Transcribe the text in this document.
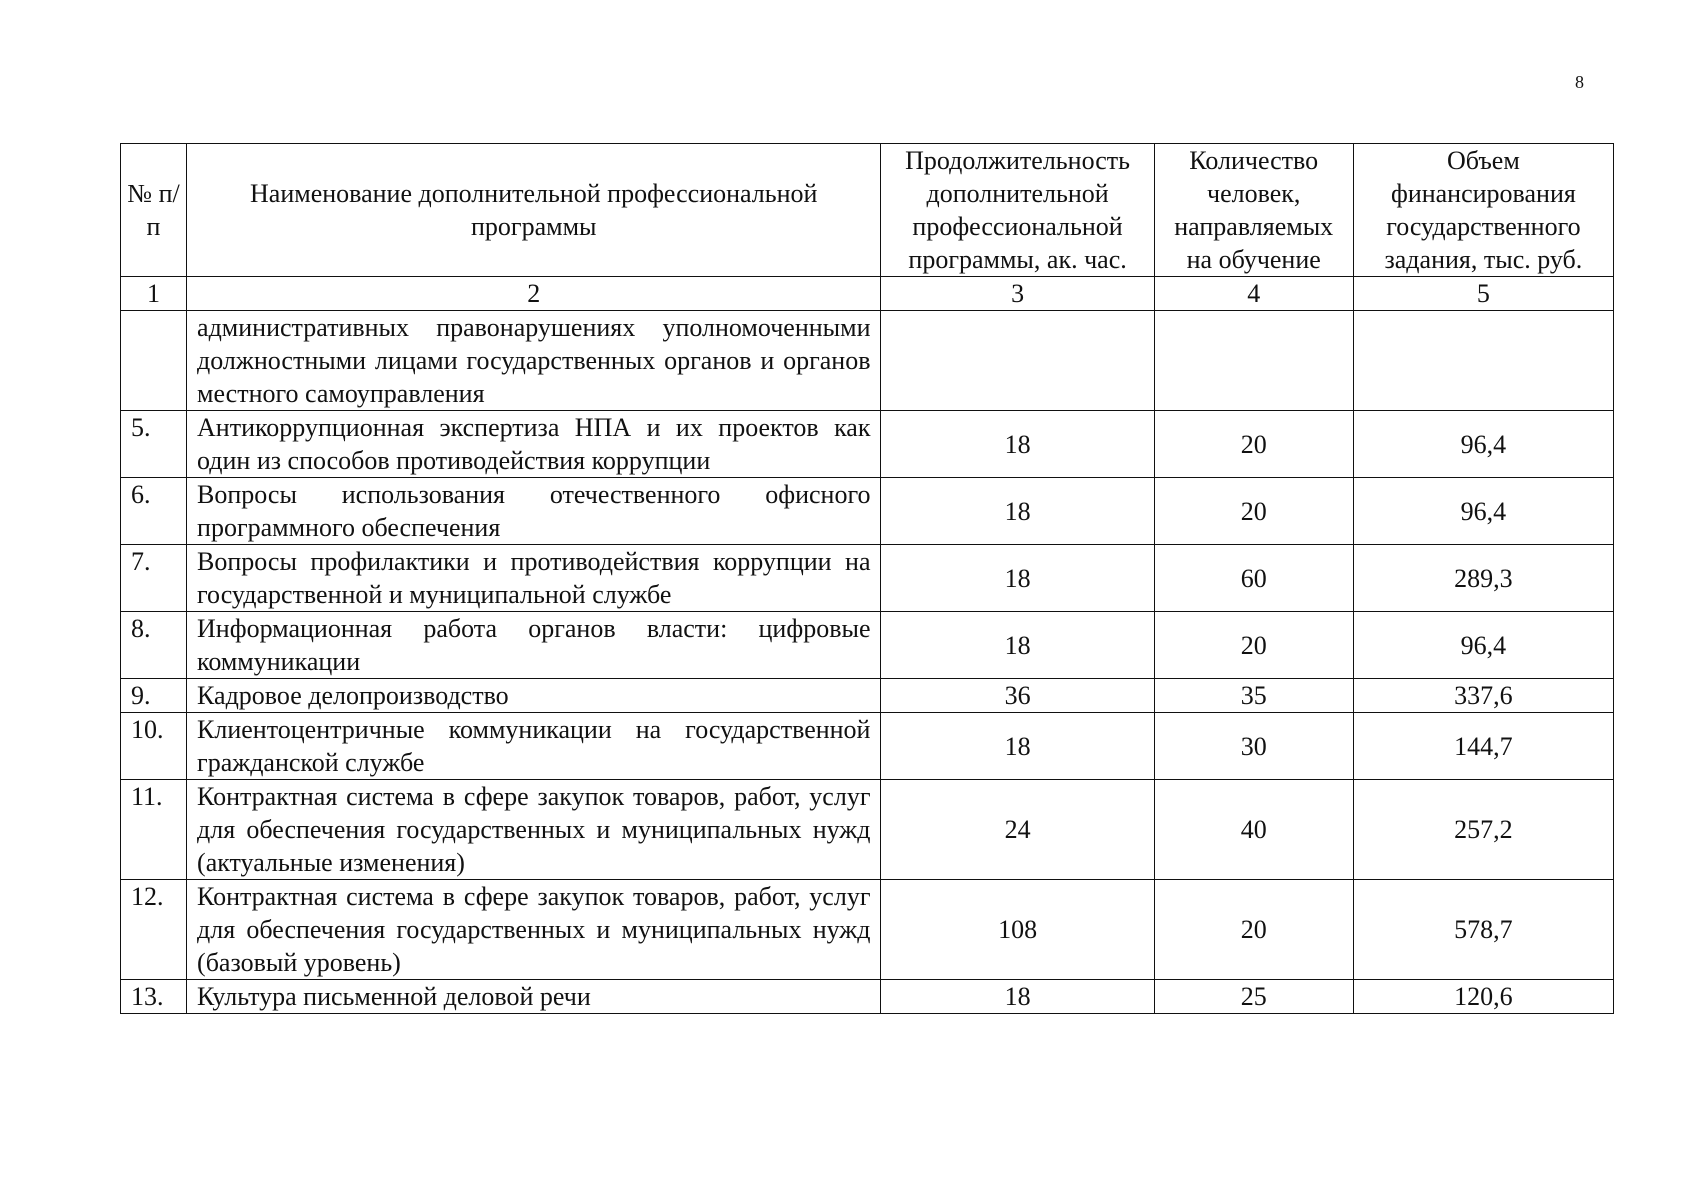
8
№ п/п	Наименование дополнительной профессиональной программы	Продолжительность дополнительной профессиональной программы, ак. час.	Количество человек, направляемых на обучение	Объем финансирования государственного задания, тыс. руб.
1	2	3	4	5
	административных правонарушениях уполномоченными должностными лицами государственных органов и органов местного самоуправления			
5.	Антикоррупционная экспертиза НПА и их проектов как один из способов противодействия коррупции	18	20	96,4
6.	Вопросы использования отечественного офисного программного обеспечения	18	20	96,4
7.	Вопросы профилактики и противодействия коррупции на государственной и муниципальной службе	18	60	289,3
8.	Информационная работа органов власти: цифровые коммуникации	18	20	96,4
9.	Кадровое делопроизводство	36	35	337,6
10.	Клиентоцентричные коммуникации на государственной гражданской службе	18	30	144,7
11.	Контрактная система в сфере закупок товаров, работ, услуг для обеспечения государственных и муниципальных нужд (актуальные изменения)	24	40	257,2
12.	Контрактная система в сфере закупок товаров, работ, услуг для обеспечения государственных и муниципальных нужд (базовый уровень)	108	20	578,7
13.	Культура письменной деловой речи	18	25	120,6
